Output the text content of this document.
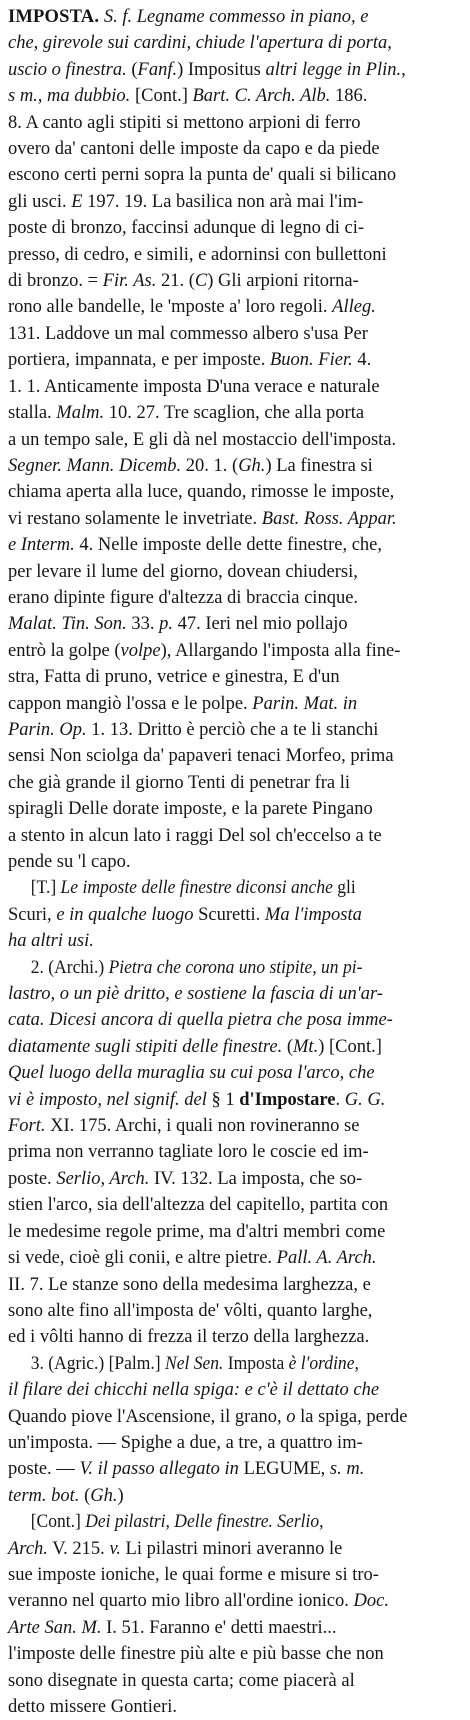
IMPOSTA. S. f. Legname commesso in piano, e
che, girevole sui cardini, chiude l'apertura di porta,
uscio o finestra. (Fanf.) Impositus altri legge in Plin.,
s m., ma dubbio. [Cont.] Bart. C. Arch. Alb. 186.
8. A canto agli stipiti si mettono arpioni di ferro
overo da' cantoni delle imposte da capo e da piede
escono certi perni sopra la punta de' quali si bilicano
gli usci. E 197. 19. La basilica non arà mai l'im-
poste di bronzo, faccinsi adunque di legno di ci-
presso, di cedro, e simili, e adorninsi con bullettoni
di bronzo. = Fir. As. 21. (C) Gli arpioni ritorna-
rono alle bandelle, le 'mposte a' loro regoli. Alleg.
131. Laddove un mal commesso albero s'usa Per
portiera, impannata, e per imposte. Buon. Fier. 4.
1. 1. Anticamente imposta D'una verace e naturale
stalla. Malm. 10. 27. Tre scaglion, che alla porta
a un tempo sale, E gli dà nel mostaccio dell'imposta.
Segner. Mann. Dicemb. 20. 1. (Gh.) La finestra si
chiama aperta alla luce, quando, rimosse le imposte,
vi restano solamente le invetriate. Bast. Ross. Appar.
e Interm. 4. Nelle imposte delle dette finestre, che,
per levare il lume del giorno, dovean chiudersi,
erano dipinte figure d'altezza di braccia cinque.
Malat. Tin. Son. 33. p. 47. Ieri nel mio pollajo
entrò la golpe (volpe), Allargando l'imposta alla fine-
stra, Fatta di pruno, vetrice e ginestra, E d'un
cappon mangiò l'ossa e le polpe. Parin. Mat. in
Parin. Op. 1. 13. Dritto è perciò che a te li stanchi
sensi Non sciolga da' papaveri tenaci Morfeo, prima
che già grande il giorno Tenti di penetrar fra li
spiragli Delle dorate imposte, e la parete Pingano
a stento in alcun lato i raggi Del sol ch'eccelso a te
pende su 'l capo.
[T.] Le imposte delle finestre diconsi anche gli
Scuri, e in qualche luogo Scuretti. Ma l'imposta
ha altri usi.
2. (Archi.) Pietra che corona uno stipite, un pi-
lastro, o un piè dritto, e sostiene la fascia di un'ar-
cata. Dicesi ancora di quella pietra che posa imme-
diatamente sugli stipiti delle finestre. (Mt.) [Cont.]
Quel luogo della muraglia su cui posa l'arco, che
vi è imposto, nel signif. del § 1 d'Impostare. G. G.
Fort. XI. 175. Archi, i quali non rovineranno se
prima non verranno tagliate loro le coscie ed im-
poste. Serlio, Arch. IV. 132. La imposta, che so-
stien l'arco, sia dell'altezza del capitello, partita con
le medesime regole prime, ma d'altri membri come
si vede, cioè gli conii, e altre pietre. Pall. A. Arch.
II. 7. Le stanze sono della medesima larghezza, e
sono alte fino all'imposta de' vôlti, quanto larghe,
ed i vôlti hanno di frezza il terzo della larghezza.
3. (Agric.) [Palm.] Nel Sen. Imposta è l'ordine,
il filare dei chicchi nella spiga: e c'è il dettato che
Quando piove l'Ascensione, il grano, o la spiga, perde
un'imposta. — Spighe a due, a tre, a quattro im-
poste. — V. il passo allegato in LEGUME, s. m.
term. bot. (Gh.)
[Cont.] Dei pilastri, Delle finestre. Serlio,
Arch. V. 215. v. Li pilastri minori averanno le
sue imposte ioniche, le quai forme e misure si tro-
veranno nel quarto mio libro all'ordine ionico. Doc.
Arte San. M. I. 51. Faranno e' detti maestri...
l'imposte delle finestre più alte e più basse che non
sono disegnate in questa carta; come piacerà al
detto missere Gontieri.
